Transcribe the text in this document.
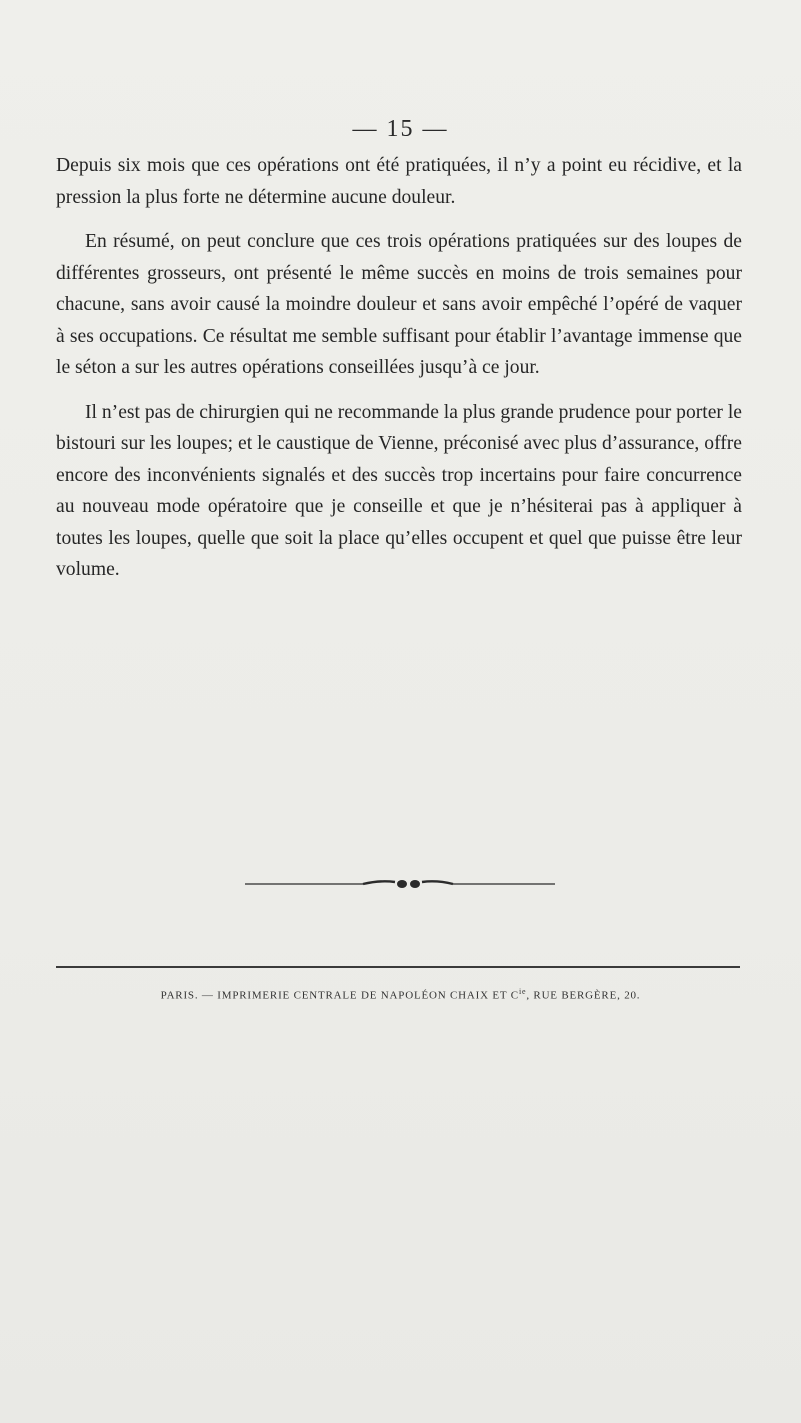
— 15 —

Depuis six mois que ces opérations ont été pratiquées, il n’y a point eu récidive, et la pression la plus forte ne détermine aucune douleur.

En résumé, on peut conclure que ces trois opérations pratiquées sur des loupes de différentes grosseurs, ont présenté le même succès en moins de trois semaines pour chacune, sans avoir causé la moindre douleur et sans avoir empêché l’opéré de vaquer à ses occupations. Ce résultat me semble suffisant pour établir l’avantage immense que le séton a sur les autres opérations conseillées jusqu’à ce jour.

Il n’est pas de chirurgien qui ne recommande la plus grande prudence pour porter le bistouri sur les loupes; et le caustique de Vienne, préconisé avec plus d’assurance, offre encore des inconvénients signalés et des succès trop incertains pour faire concurrence au nouveau mode opératoire que je conseille et que je n’hésiterai pas à appliquer à toutes les loupes, quelle que soit la place qu’elles occupent et quel que puisse être leur volume.

PARIS. — IMPRIMERIE CENTRALE DE NAPOLÉON CHAIX ET $C^{ie}$, RUE BERGÈRE, 20.
